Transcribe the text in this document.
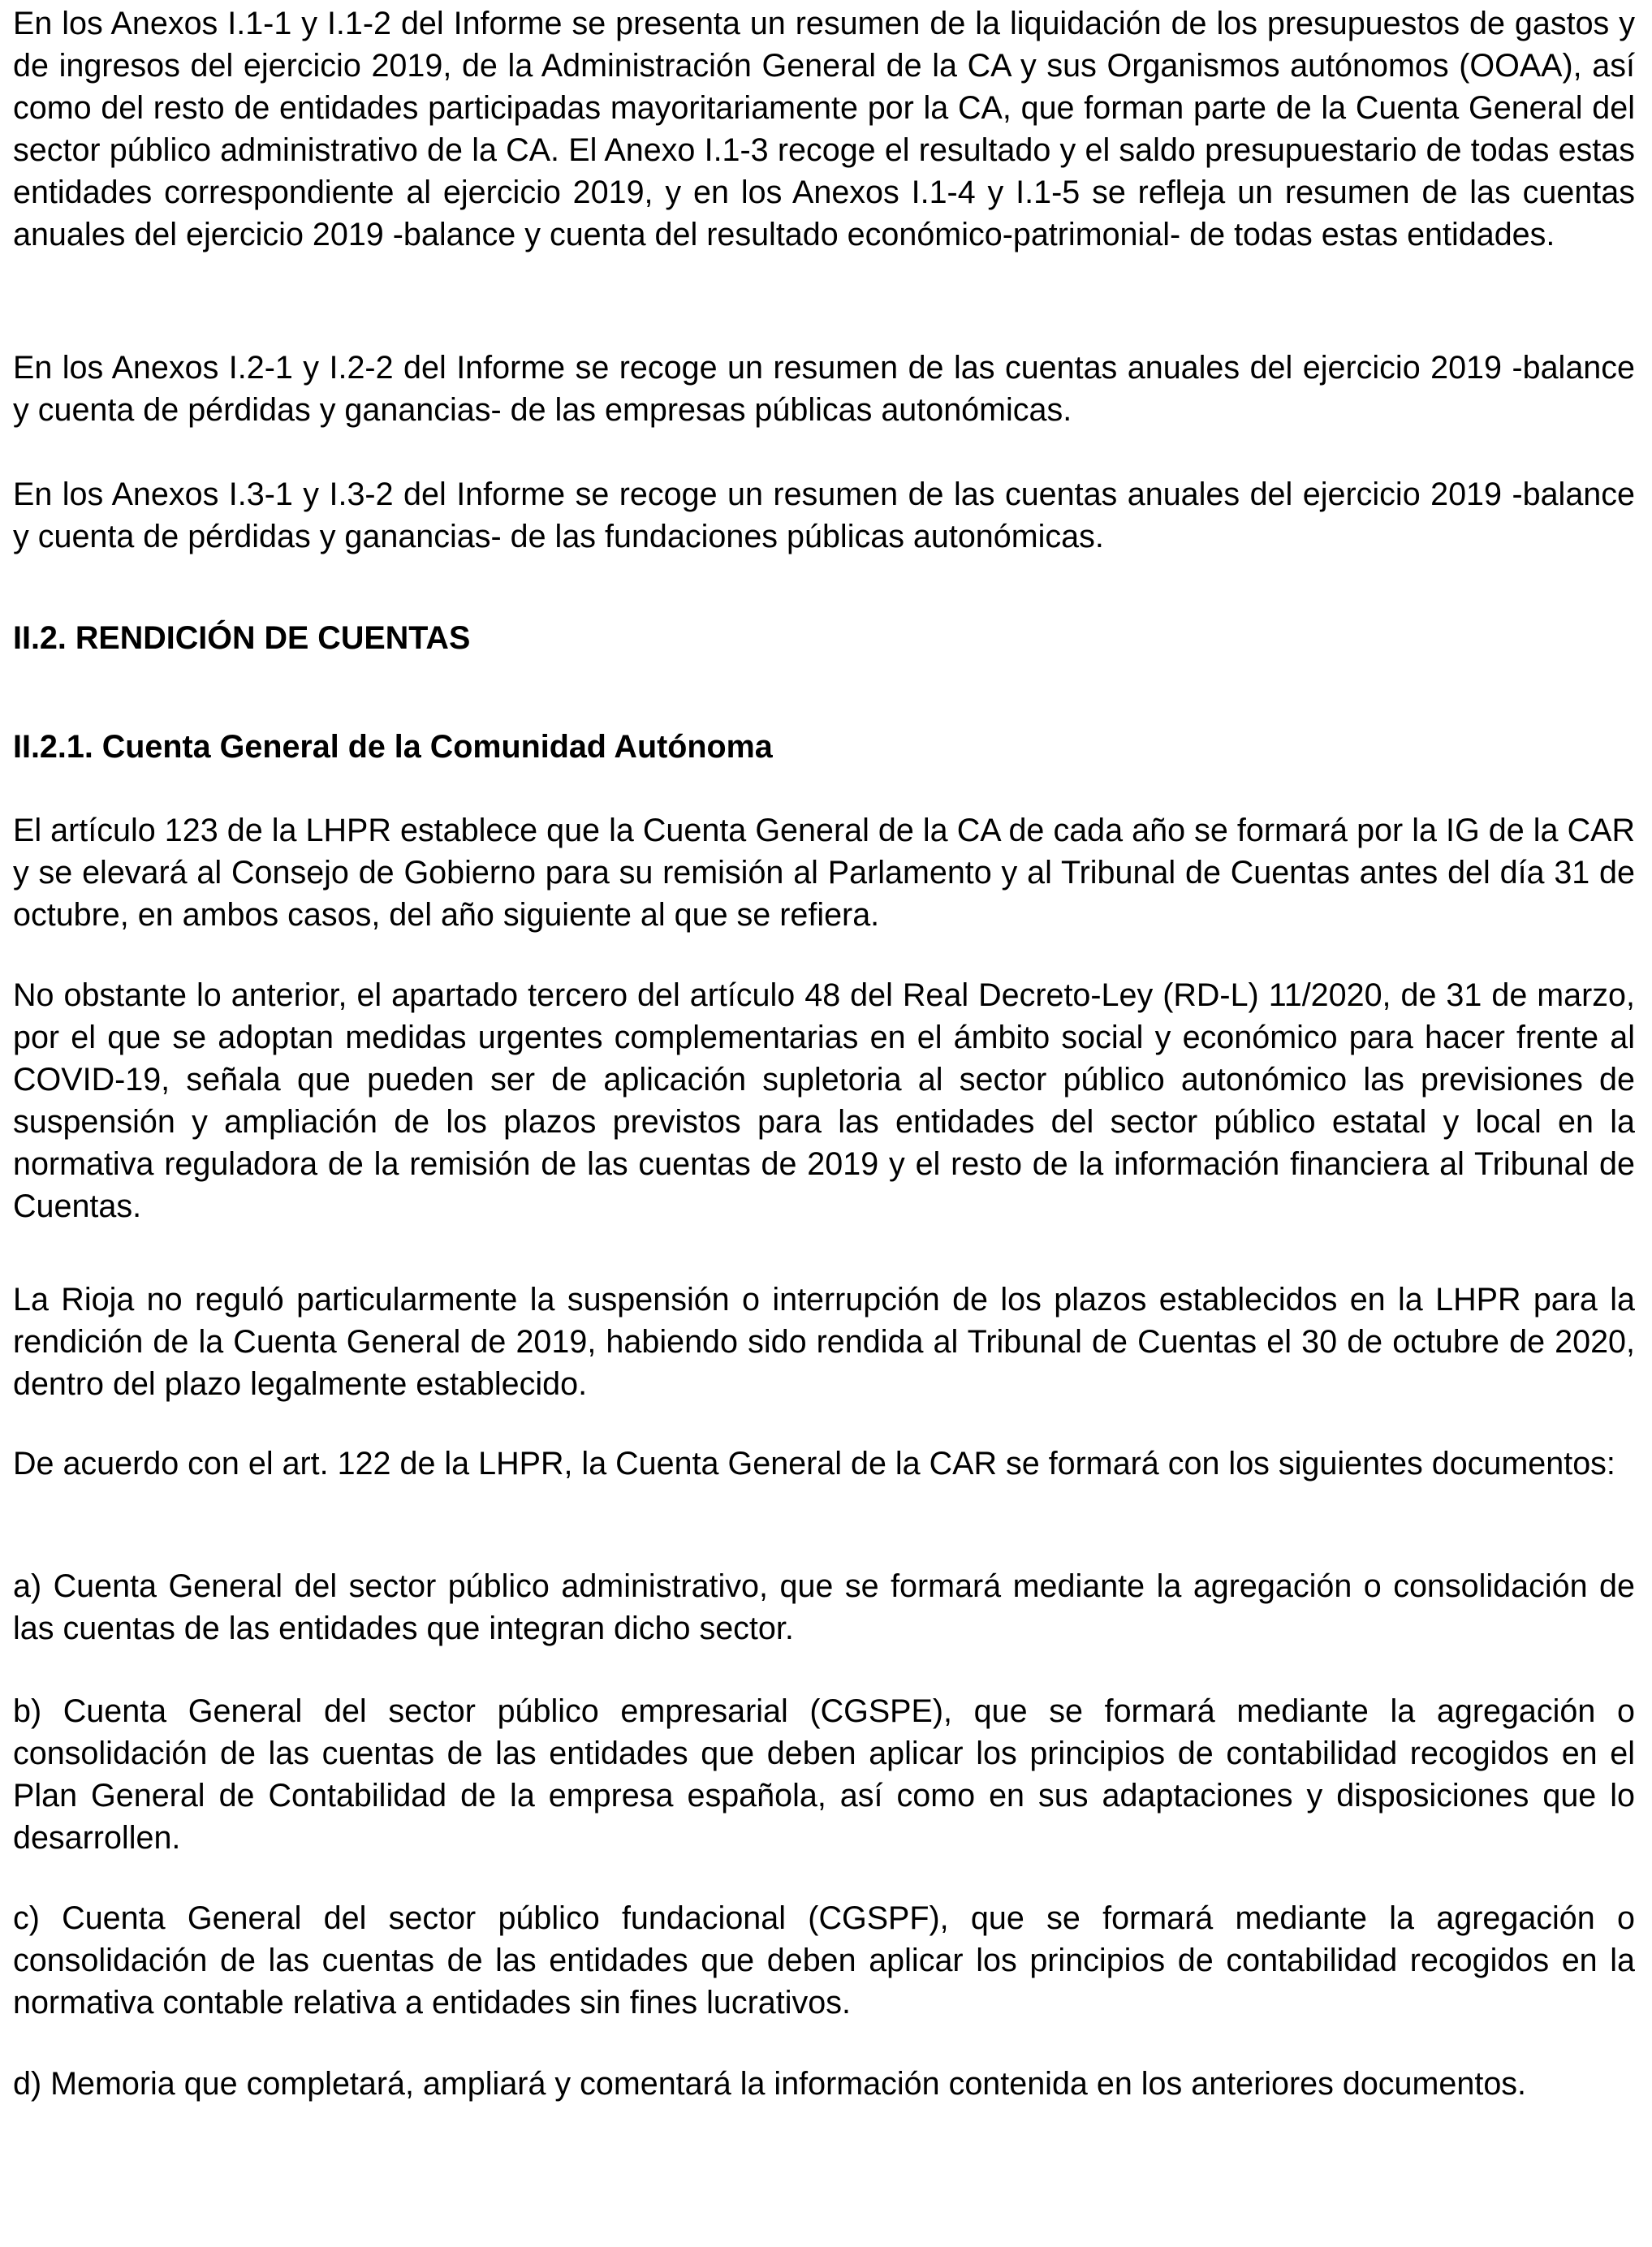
En los Anexos I.1-1 y I.1-2 del Informe se presenta un resumen de la liquidación de los presupuestos de gastos y de ingresos del ejercicio 2019, de la Administración General de la CA y sus Organismos autónomos (OOAA), así como del resto de entidades participadas mayoritariamente por la CA, que forman parte de la Cuenta General del sector público administrativo de la CA. El Anexo I.1-3 recoge el resultado y el saldo presupuestario de todas estas entidades correspondiente al ejercicio 2019, y en los Anexos I.1-4 y I.1-5 se refleja un resumen de las cuentas anuales del ejercicio 2019 -balance y cuenta del resultado económico-patrimonial- de todas estas entidades.

En los Anexos I.2-1 y I.2-2 del Informe se recoge un resumen de las cuentas anuales del ejercicio 2019 -balance y cuenta de pérdidas y ganancias- de las empresas públicas autonómicas.

En los Anexos I.3-1 y I.3-2 del Informe se recoge un resumen de las cuentas anuales del ejercicio 2019 -balance y cuenta de pérdidas y ganancias- de las fundaciones públicas autonómicas.

II.2. RENDICIÓN DE CUENTAS
II.2.1. Cuenta General de la Comunidad Autónoma

El artículo 123 de la LHPR establece que la Cuenta General de la CA de cada año se formará por la IG de la CAR y se elevará al Consejo de Gobierno para su remisión al Parlamento y al Tribunal de Cuentas antes del día 31 de octubre, en ambos casos, del año siguiente al que se refiera.

No obstante lo anterior, el apartado tercero del artículo 48 del Real Decreto-Ley (RD-L) 11/2020, de 31 de marzo, por el que se adoptan medidas urgentes complementarias en el ámbito social y económico para hacer frente al COVID-19, señala que pueden ser de aplicación supletoria al sector público autonómico las previsiones de suspensión y ampliación de los plazos previstos para las entidades del sector público estatal y local en la normativa reguladora de la remisión de las cuentas de 2019 y el resto de la información financiera al Tribunal de Cuentas.

La Rioja no reguló particularmente la suspensión o interrupción de los plazos establecidos en la LHPR para la rendición de la Cuenta General de 2019, habiendo sido rendida al Tribunal de Cuentas el 30 de octubre de 2020, dentro del plazo legalmente establecido.

De acuerdo con el art. 122 de la LHPR, la Cuenta General de la CAR se formará con los siguientes documentos:

a) Cuenta General del sector público administrativo, que se formará mediante la agregación o consolidación de las cuentas de las entidades que integran dicho sector.

b) Cuenta General del sector público empresarial (CGSPE), que se formará mediante la agregación o consolidación de las cuentas de las entidades que deben aplicar los principios de contabilidad recogidos en el Plan General de Contabilidad de la empresa española, así como en sus adaptaciones y disposiciones que lo desarrollen.

c) Cuenta General del sector público fundacional (CGSPF), que se formará mediante la agregación o consolidación de las cuentas de las entidades que deben aplicar los principios de contabilidad recogidos en la normativa contable relativa a entidades sin fines lucrativos.

d) Memoria que completará, ampliará y comentará la información contenida en los anteriores documentos.
